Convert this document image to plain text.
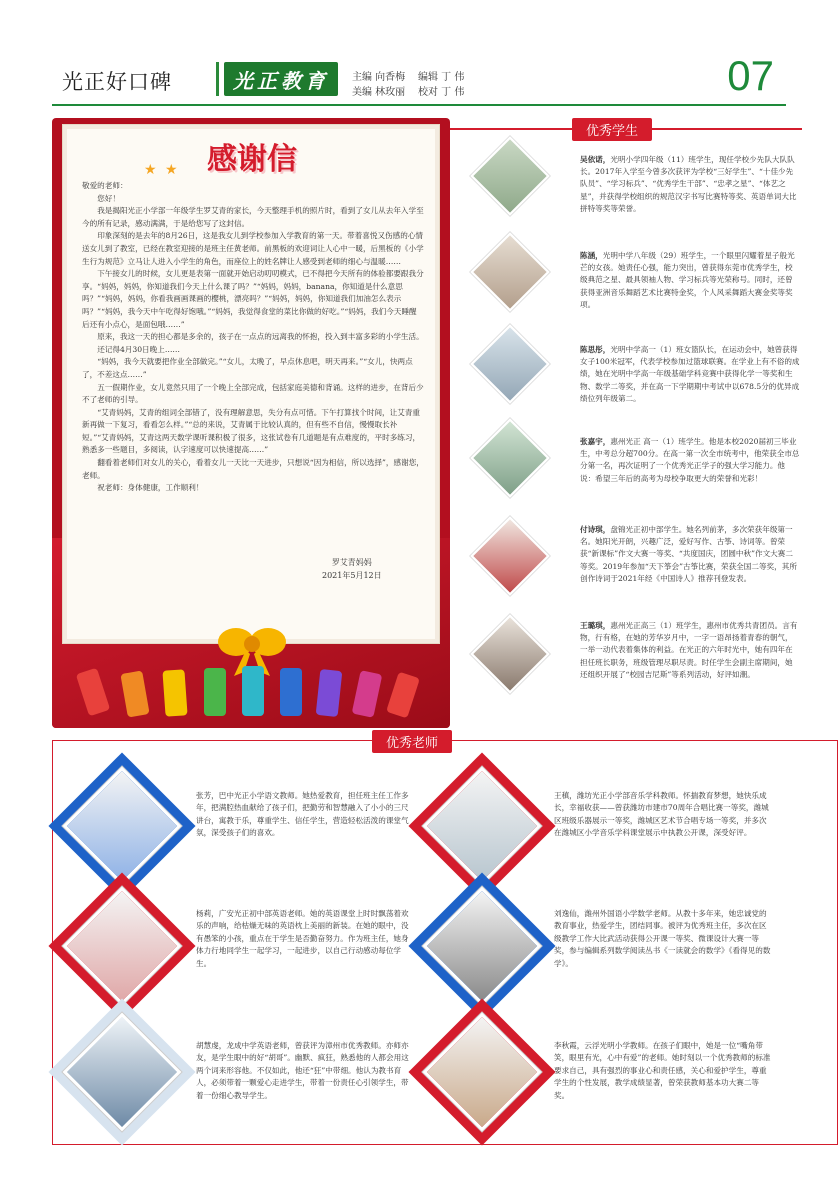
光正好口碑	光正教育	主编 向香梅
美编 林玫丽
编辑 丁 伟
校对 丁 伟	07
★ ★ 感谢信

敬爱的老师：

您好！

我是揭阳光正小学部一年级学生罗艾青的家长，今天整理手机的照片时，看到了女儿从去年入学至今的所有记录，感动满满，于是给您写了这封信。

印象深刻的是去年的8月26日，这是我女儿到学校参加入学教育的第一天。带着喜悦又伤感的心情送女儿到了教室，已经在教室迎接的是班主任黄老师。前黑板的欢迎词让人心中一暖，后黑板的《小学生行为规范》立马让人进入小学生的角色，而座位上的姓名牌让人感受到老师的细心与温暖……

下午接女儿的时候，女儿更是表第一面就开始启动叨叨模式，已不得把今天所有的体验都要跟我分享。“妈妈，妈妈，你知道我们今天上什么课了吗？”“妈妈，妈妈，banana，你知道是什么意思吗？”“妈妈，妈妈，你看我画画课画的樱桃，漂亮吗？”“妈妈，妈妈，你知道我们加油怎么表示吗？”“妈妈，我今天中午吃得好饱哦。”“妈妈，我觉得食堂的菜比你做的好吃。”“妈妈，我们今天睡醒后还有小点心，是面包哦……”

原来，我这一天的担心都是多余的，孩子在一点点的远离我的怀抱，投入到丰富多彩的小学生活。

还记得4月30日晚上……

“妈妈，我今天就要把作业全部做完。”“女儿，太晚了，早点休息吧，明天再来。”“女儿，快两点了，不差这点……”

五一假期作业，女儿竟然只用了一个晚上全部完成，包括家庭美德和背诵。这样的进步，在背后少不了老师的引导。

“艾青妈妈，艾青的组词全部错了，没有理解意思，失分有点可惜。下午打算找个时间，让艾青重新再做一下复习，看看怎么样。”“总的来说，艾青属于比较认真的，但有些不自信，慢慢取长补短。”“艾青妈妈，艾青这两天数学课听课积极了很多，这张试卷有几道题是有点难度的，平时多练习，熟悉多一些题目，多阅读，认字速度可以快速提高……”

翻看着老师们对女儿的关心，看着女儿一天比一天进步，只想说“因为相信，所以选择”，感谢您，老师。

祝老师：身体健康，工作顺利！

罗艾青妈妈
2021年5月12日
优秀学生
吴依诺，光明小学四年级（11）班学生，现任学校少先队大队队长。2017年入学至今曾多次获评为学校“三好学生”、“十佳少先队员”、“学习标兵”、“优秀学生干部”、“忠孝之星”、“体艺之星”，并获得学校组织的规范汉字书写比赛特等奖、英语单词大比拼特等奖等荣誉。
陈涵，光明中学八年级（29）班学生，一个眼里闪耀着星子般光芒的女孩。她责任心强，能力突出，曾获得东莞市优秀学生，校级典范之星、最具领袖人物、学习标兵等光荣称号。同时，还曾获得亚洲音乐舞蹈艺术比赛特金奖，个人风采舞蹈大赛金奖等奖项。
陈思彤，光明中学高一（1）班女篮队长，在运动会中，她曾获得女子100米冠军，代表学校参加过篮球联赛。在学业上有不俗的成绩，她在光明中学高一年级基础学科竞赛中获得化学一等奖和生物、数学二等奖，并在高一下学期期中考试中以678.5分的优异成绩位列年级第二。
张嘉宇，惠州光正 高一（1）班学生。他是本校2020届初三毕业生，中考总分超700分。在高一第一次全市统考中，他荣获全市总分第一名，再次证明了一个优秀光正学子的强大学习能力。他说：希望三年后的高考为母校争取更大的荣誉和光彩！
付诗琪，盘锦光正初中部学生。她名列前茅，多次荣获年级第一名。她阳光开朗，兴趣广泛，爱好写作、古筝、诗词等。曾荣获“新课标”作文大赛一等奖、“共度国庆，团圆中秋”作文大赛二等奖。2019年参加“天下筝会”古筝比赛，荣获全国二等奖，其所创作诗词于2021年经《中国诗人》推荐刊登发表。
王璐琪，惠州光正高三（1）班学生，惠州市优秀共青团员。言有物，行有格，在她的芳华岁月中，一字一语昂扬着青春的朝气，一举一动代表着集体的利益。在光正的六年时光中，她有四年在担任班长职务，班级管理尽职尽责。时任学生会副主席期间，她还组织开展了“校园吉尼斯”等系列活动，好评如潮。
优秀老师
张芳，巴中光正小学语文教师。她热爱教育，担任班主任工作多年，把满腔热血献给了孩子们，把勤劳和智慧融入了小小的三尺讲台，寓教于乐，尊重学生、信任学生，营造轻松活泼的课堂气氛，深受孩子们的喜欢。
王稹，潍坊光正小学部音乐学科教师。怀揣教育梦想，她快乐成长，幸福收获——曾获潍坊市建市70周年合唱比赛一等奖，潍城区班级乐器展示一等奖，潍城区艺术节合唱专场一等奖，并多次在潍城区小学音乐学科课堂展示中执教公开课，深受好评。
杨莉，广安光正初中部英语老师。她的英语课堂上时时飘荡着欢乐的声响，给枯燥无味的英语枕上美丽的新装。在她的眼中，没有愚笨的小孩，重点在于学生是否勤奋努力。作为班主任，她身体力行地同学生一起学习，一起进步，以自己行动感动每位学生。
刘逸仙，潍州外国语小学数学老师。从教十多年来，她忠诚党的教育事业，热爱学生，团结同事。被评为优秀班主任，多次在区级教学工作大比武活动获得公开课一等奖、微课设计大赛一等奖，参与编辑系列数学阅读丛书《一读就会的数学》《看得见的数学》。
胡慧虔，龙成中学英语老师，曾获评为漳州市优秀教师。亦师亦友，是学生眼中的好“胡哥”。幽默、疯狂，熟悉他的人都会用这两个词来形容他。不仅如此，他还“狂”中带细。他认为教书育人，必须带着一颗爱心走进学生，带着一份责任心引领学生，带着一份细心教导学生。
李秋霞，云浮光明小学教师。在孩子们眼中，她是一位“嘴角带笑，眼里有光，心中有爱”的老师。她时刻以一个优秀教师的标准要求自己，具有强烈的事业心和责任感，关心和爱护学生，尊重学生的个性发展，教学成绩显著，曾荣获教师基本功大赛二等奖。
